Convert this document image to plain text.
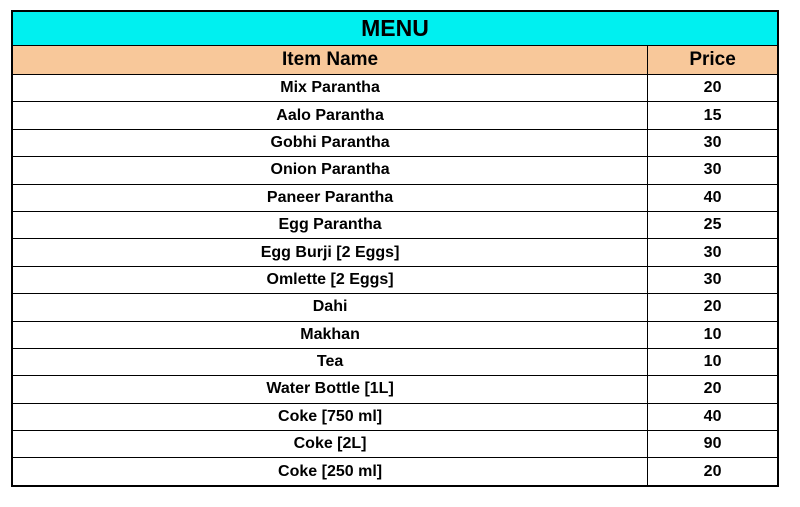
MENU	
Item Name	Price
Mix Parantha	20
Aalo Parantha	15
Gobhi Parantha	30
Onion Parantha	30
Paneer Parantha	40
Egg Parantha	25
Egg Burji [2 Eggs]	30
Omlette [2 Eggs]	30
Dahi	20
Makhan	10
Tea	10
Water Bottle [1L]	20
Coke [750 ml]	40
Coke [2L]	90
Coke [250 ml]	20
